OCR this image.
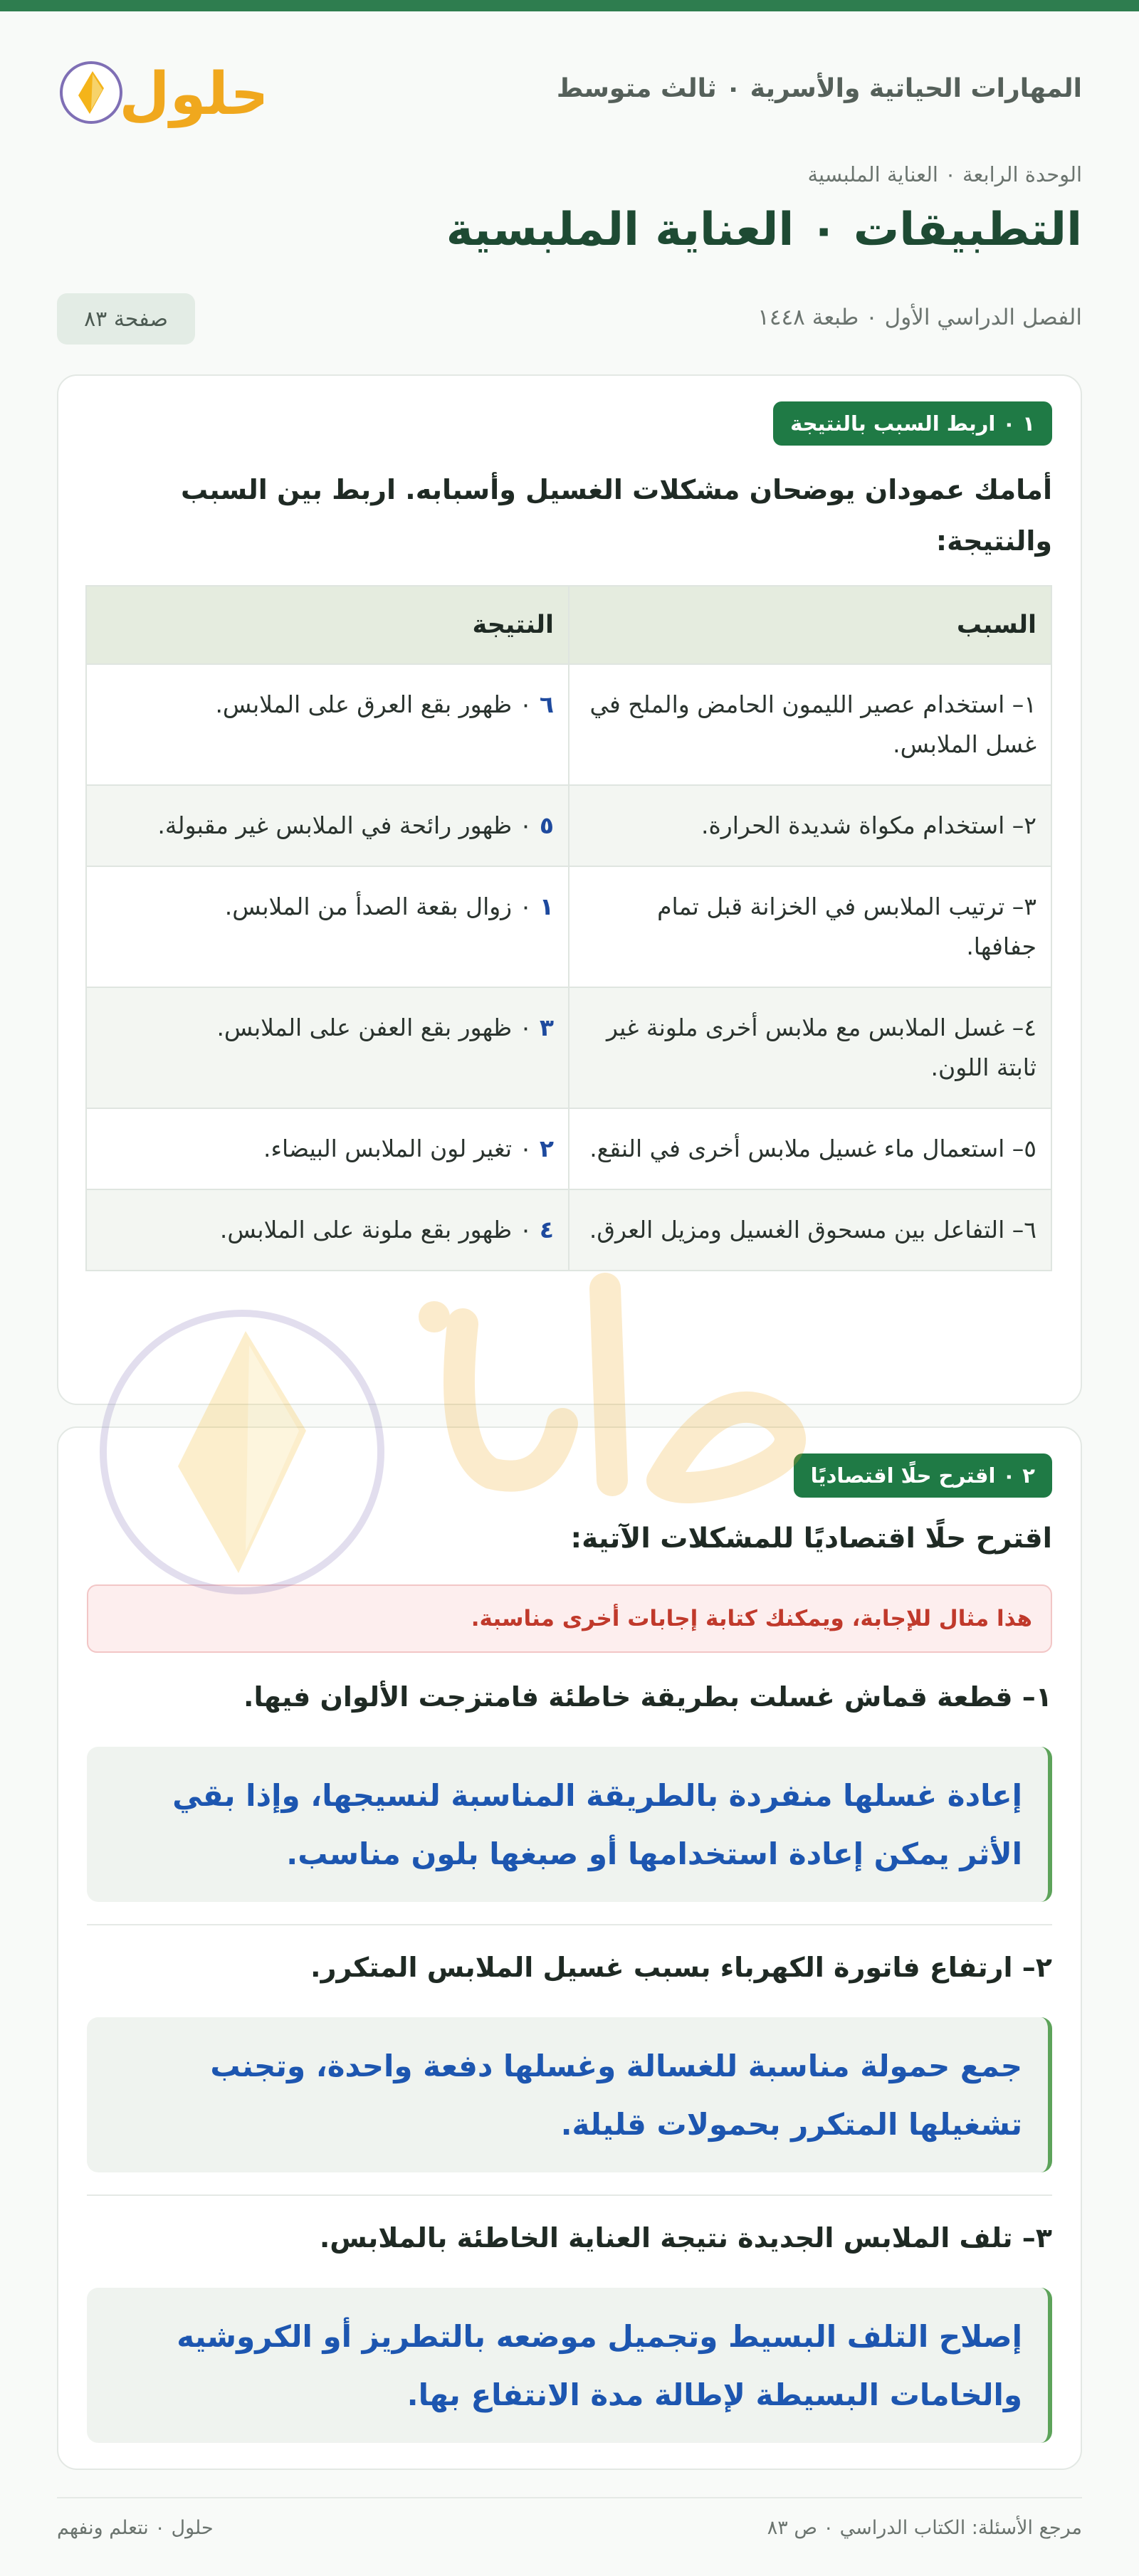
المهارات الحياتية والأسرية ٠ ثالث متوسط
حلول
الوحدة الرابعة ٠ العناية الملبسية
التطبيقات ٠ العناية الملبسية
الفصل الدراسي الأول ٠ طبعة ١٤٤٨
صفحة ٨٣
١ ٠ اربط السبب بالنتيجة
أمامك عمودان يوضحان مشكلات الغسيل وأسبابه. اربط بين السبب والنتيجة:
السبب	النتيجة
١– استخدام عصير الليمون الحامض والملح في غسل الملابس.	٦ ٠ ظهور بقع العرق على الملابس.
٢– استخدام مكواة شديدة الحرارة.	٥ ٠ ظهور رائحة في الملابس غير مقبولة.
٣– ترتيب الملابس في الخزانة قبل تمام جفافها.	١ ٠ زوال بقعة الصدأ من الملابس.
٤– غسل الملابس مع ملابس أخرى ملونة غير ثابتة اللون.	٣ ٠ ظهور بقع العفن على الملابس.
٥– استعمال ماء غسيل ملابس أخرى في النقع.	٢ ٠ تغير لون الملابس البيضاء.
٦– التفاعل بين مسحوق الغسيل ومزيل العرق.	٤ ٠ ظهور بقع ملونة على الملابس.
٢ ٠ اقترح حلًا اقتصاديًا
اقترح حلًا اقتصاديًا للمشكلات الآتية:
هذا مثال للإجابة، ويمكنك كتابة إجابات أخرى مناسبة.
١– قطعة قماش غسلت بطريقة خاطئة فامتزجت الألوان فيها.
إعادة غسلها منفردة بالطريقة المناسبة لنسيجها، وإذا بقي الأثر يمكن إعادة استخدامها أو صبغها بلون مناسب.
٢– ارتفاع فاتورة الكهرباء بسبب غسيل الملابس المتكرر.
جمع حمولة مناسبة للغسالة وغسلها دفعة واحدة، وتجنب تشغيلها المتكرر بحمولات قليلة.
٣– تلف الملابس الجديدة نتيجة العناية الخاطئة بالملابس.
إصلاح التلف البسيط وتجميل موضعه بالتطريز أو الكروشيه والخامات البسيطة لإطالة مدة الانتفاع بها.
مرجع الأسئلة: الكتاب الدراسي ٠ ص ٨٣
حلول ٠ نتعلم ونفهم
